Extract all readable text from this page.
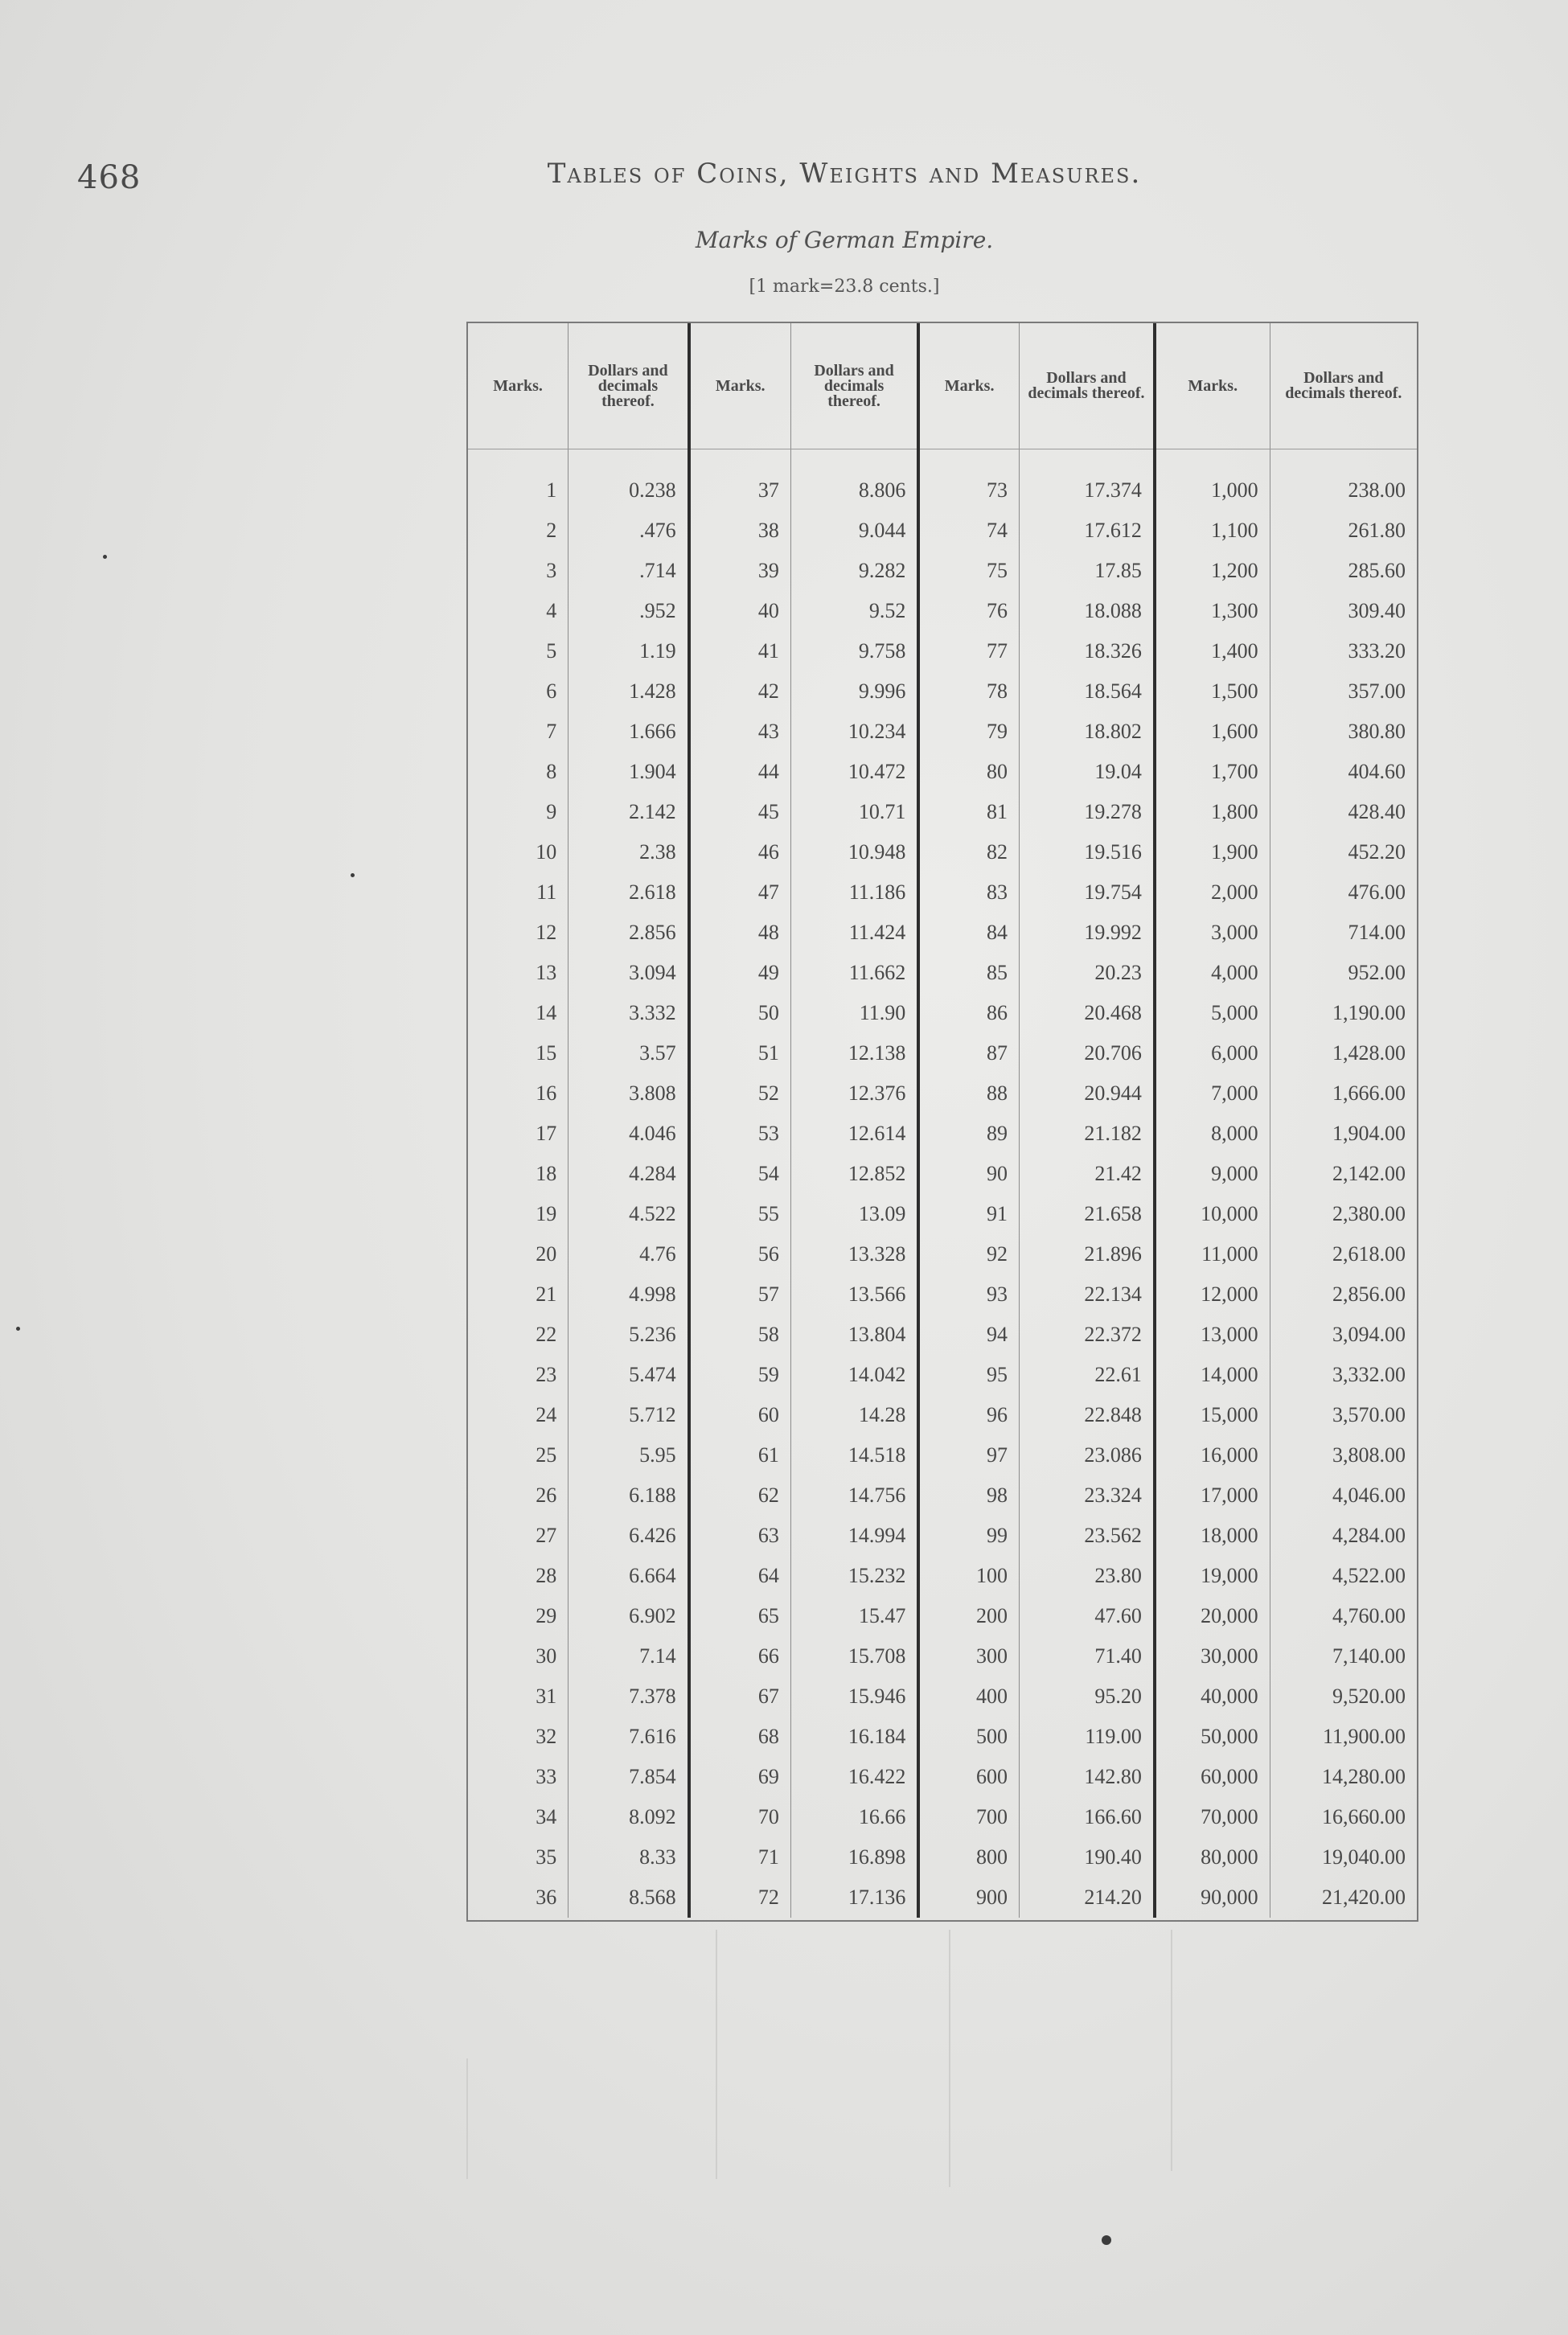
468	Tables of Coins, Weights and Measures.
Marks of German Empire.
[1 mark=23.8 cents.]
Marks.	Dollars and decimals thereof.	Marks.	Dollars and decimals thereof.	Marks.	Dollars and decimals thereof.	Marks.	Dollars and decimals thereof.
1	0.238	37	8.806	73	17.374	1,000	238.00
2	.476	38	9.044	74	17.612	1,100	261.80
3	.714	39	9.282	75	17.85	1,200	285.60
4	.952	40	9.52	76	18.088	1,300	309.40
5	1.19	41	9.758	77	18.326	1,400	333.20
6	1.428	42	9.996	78	18.564	1,500	357.00
7	1.666	43	10.234	79	18.802	1,600	380.80
8	1.904	44	10.472	80	19.04	1,700	404.60
9	2.142	45	10.71	81	19.278	1,800	428.40
10	2.38	46	10.948	82	19.516	1,900	452.20
11	2.618	47	11.186	83	19.754	2,000	476.00
12	2.856	48	11.424	84	19.992	3,000	714.00
13	3.094	49	11.662	85	20.23	4,000	952.00
14	3.332	50	11.90	86	20.468	5,000	1,190.00
15	3.57	51	12.138	87	20.706	6,000	1,428.00
16	3.808	52	12.376	88	20.944	7,000	1,666.00
17	4.046	53	12.614	89	21.182	8,000	1,904.00
18	4.284	54	12.852	90	21.42	9,000	2,142.00
19	4.522	55	13.09	91	21.658	10,000	2,380.00
20	4.76	56	13.328	92	21.896	11,000	2,618.00
21	4.998	57	13.566	93	22.134	12,000	2,856.00
22	5.236	58	13.804	94	22.372	13,000	3,094.00
23	5.474	59	14.042	95	22.61	14,000	3,332.00
24	5.712	60	14.28	96	22.848	15,000	3,570.00
25	5.95	61	14.518	97	23.086	16,000	3,808.00
26	6.188	62	14.756	98	23.324	17,000	4,046.00
27	6.426	63	14.994	99	23.562	18,000	4,284.00
28	6.664	64	15.232	100	23.80	19,000	4,522.00
29	6.902	65	15.47	200	47.60	20,000	4,760.00
30	7.14	66	15.708	300	71.40	30,000	7,140.00
31	7.378	67	15.946	400	95.20	40,000	9,520.00
32	7.616	68	16.184	500	119.00	50,000	11,900.00
33	7.854	69	16.422	600	142.80	60,000	14,280.00
34	8.092	70	16.66	700	166.60	70,000	16,660.00
35	8.33	71	16.898	800	190.40	80,000	19,040.00
36	8.568	72	17.136	900	214.20	90,000	21,420.00
